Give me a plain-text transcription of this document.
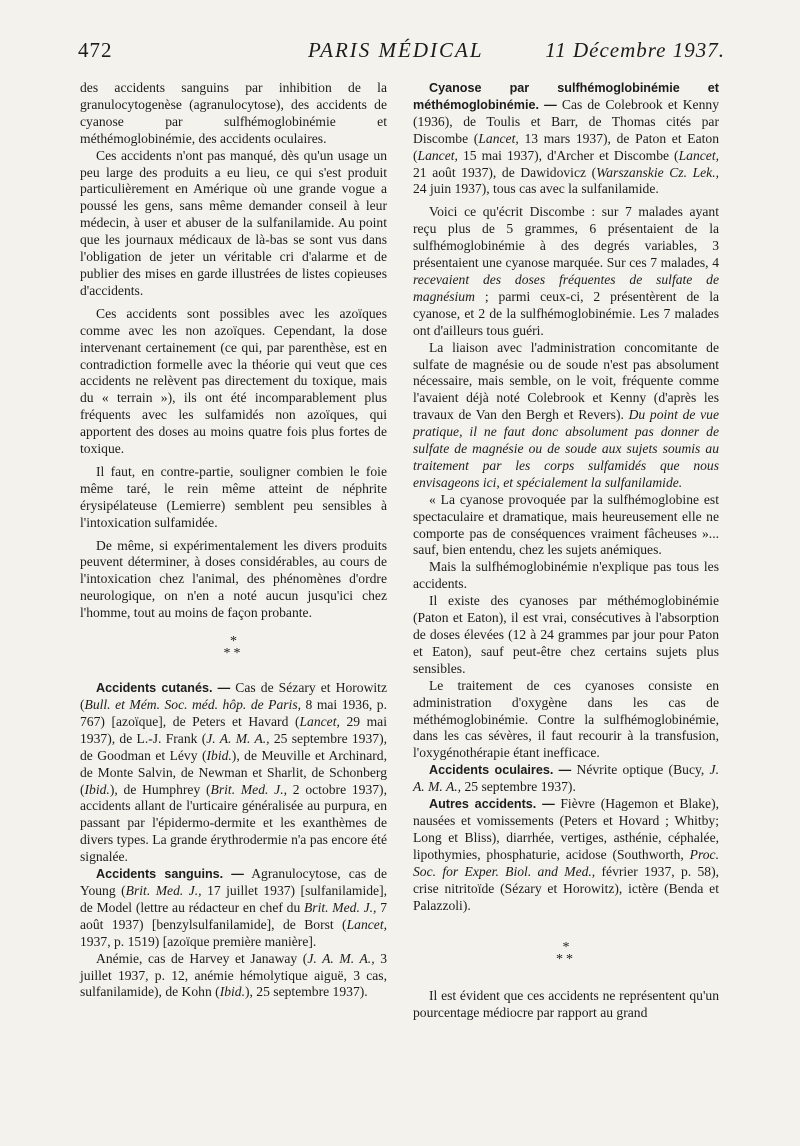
472	PARIS MÉDICAL	11 Décembre 1937.

des accidents sanguins par inhibition de la granulocytogenèse (agranulocytose), des accidents de cyanose par sulfhémoglobinémie et méthémoglobinémie, des accidents oculaires.

Ces accidents n'ont pas manqué, dès qu'un usage un peu large des produits a eu lieu, ce qui s'est produit particulièrement en Amérique où une grande vogue a poussé les gens, sans même demander conseil à leur médecin, à user et abuser de la sulfanilamide. Au point que les journaux médicaux de là-bas se sont vus dans l'obligation de jeter un véritable cri d'alarme et de publier des mises en garde illustrées de listes copieuses d'accidents.

Ces accidents sont possibles avec les azoïques comme avec les non azoïques. Cependant, la dose intervenant certainement (ce qui, par parenthèse, est en contradiction formelle avec la théorie qui veut que ces accidents ne relèvent pas directement du toxique, mais du « terrain »), ils ont été incomparablement plus fréquents avec les sulfamidés non azoïques, qui apportent des doses au moins quatre fois plus fortes de toxique.

Il faut, en contre-partie, souligner combien le foie même taré, le rein même atteint de néphrite érysipélateuse (Lemierre) semblent peu sensibles à l'intoxication sulfamidée.

De même, si expérimentalement les divers produits peuvent déterminer, à doses considérables, au cours de l'intoxication chez l'animal, des phénomènes d'ordre neurologique, on n'en a noté aucun jusqu'ici chez l'homme, tout au moins de façon probante.

*
**

Accidents cutanés. — Cas de Sézary et Horowitz (Bull. et Mém. Soc. méd. hôp. de Paris, 8 mai 1936, p. 767) [azoïque], de Peters et Havard (Lancet, 29 mai 1937), de L.-J. Frank (J. A. M. A., 25 septembre 1937), de Goodman et Lévy (Ibid.), de Meuville et Archinard, de Monte Salvin, de Newman et Sharlit, de Schonberg (Ibid.), de Humphrey (Brit. Med. J., 2 octobre 1937), accidents allant de l'urticaire généralisée au purpura, en passant par l'épidermo-dermite et les exanthèmes de divers types. La grande érythrodermie n'a pas encore été signalée.

Accidents sanguins. — Agranulocytose, cas de Young (Brit. Med. J., 17 juillet 1937) [sulfanilamide], de Model (lettre au rédacteur en chef du Brit. Med. J., 7 août 1937) [benzylsulfanilamide], de Borst (Lancet, 1937, p. 1519) [azoïque première manière].

Anémie, cas de Harvey et Janaway (J. A. M. A., 3 juillet 1937, p. 12, anémie hémolytique aiguë, 3 cas, sulfanilamide), de Kohn (Ibid.), 25 septembre 1937).

Cyanose par sulfhémoglobinémie et méthémoglobinémie. — Cas de Colebrook et Kenny (1936), de Toulis et Barr, de Thomas cités par Discombe (Lancet, 13 mars 1937), de Paton et Eaton (Lancet, 15 mai 1937), d'Archer et Discombe (Lancet, 21 août 1937), de Dawidovicz (Warszanskie Cz. Lek., 24 juin 1937), tous cas avec la sulfanilamide.

Voici ce qu'écrit Discombe : sur 7 malades ayant reçu plus de 5 grammes, 6 présentaient de la sulfhémoglobinémie à des degrés variables, 3 présentaient une cyanose marquée. Sur ces 7 malades, 4 recevaient des doses fréquentes de sulfate de magnésium ; parmi ceux-ci, 2 présentèrent de la cyanose, et 2 de la sulfhémoglobinémie. Les 7 malades ont d'ailleurs tous guéri.

La liaison avec l'administration concomitante de sulfate de magnésie ou de soude n'est pas absolument nécessaire, mais semble, on le voit, fréquente comme l'avaient déjà noté Colebrook et Kenny (d'après les travaux de Van den Bergh et Revers). Du point de vue pratique, il ne faut donc absolument pas donner de sulfate de magnésie ou de soude aux sujets soumis au traitement par les corps sulfamidés que nous envisageons ici, et spécialement la sulfanilamide.

« La cyanose provoquée par la sulfhémoglobine est spectaculaire et dramatique, mais heureusement elle ne comporte pas de conséquences vraiment fâcheuses »... sauf, bien entendu, chez les sujets anémiques.

Mais la sulfhémoglobinémie n'explique pas tous les accidents.

Il existe des cyanoses par méthémoglobinémie (Paton et Eaton), il est vrai, consécutives à l'absorption de doses élevées (12 à 24 grammes par jour pour Paton et Eaton), sauf peut-être chez certains sujets plus sensibles.

Le traitement de ces cyanoses consiste en administration d'oxygène dans les cas de méthémoglobinémie. Contre la sulfhémoglobinémie, dans les cas sévères, il faut recourir à la transfusion, l'oxygénothérapie étant inefficace.

Accidents oculaires. — Névrite optique (Bucy, J. A. M. A., 25 septembre 1937).

Autres accidents. — Fièvre (Hagemon et Blake), nausées et vomissements (Peters et Hovard ; Whitby; Long et Bliss), diarrhée, vertiges, asthénie, céphalée, lipothymies, phosphaturie, acidose (Southworth, Proc. Soc. for Exper. Biol. and Med., février 1937, p. 58), crise nitritoïde (Sézary et Horowitz), ictère (Benda et Palazzoli).

*
**

Il est évident que ces accidents ne représentent qu'un pourcentage médiocre par rapport au grand
